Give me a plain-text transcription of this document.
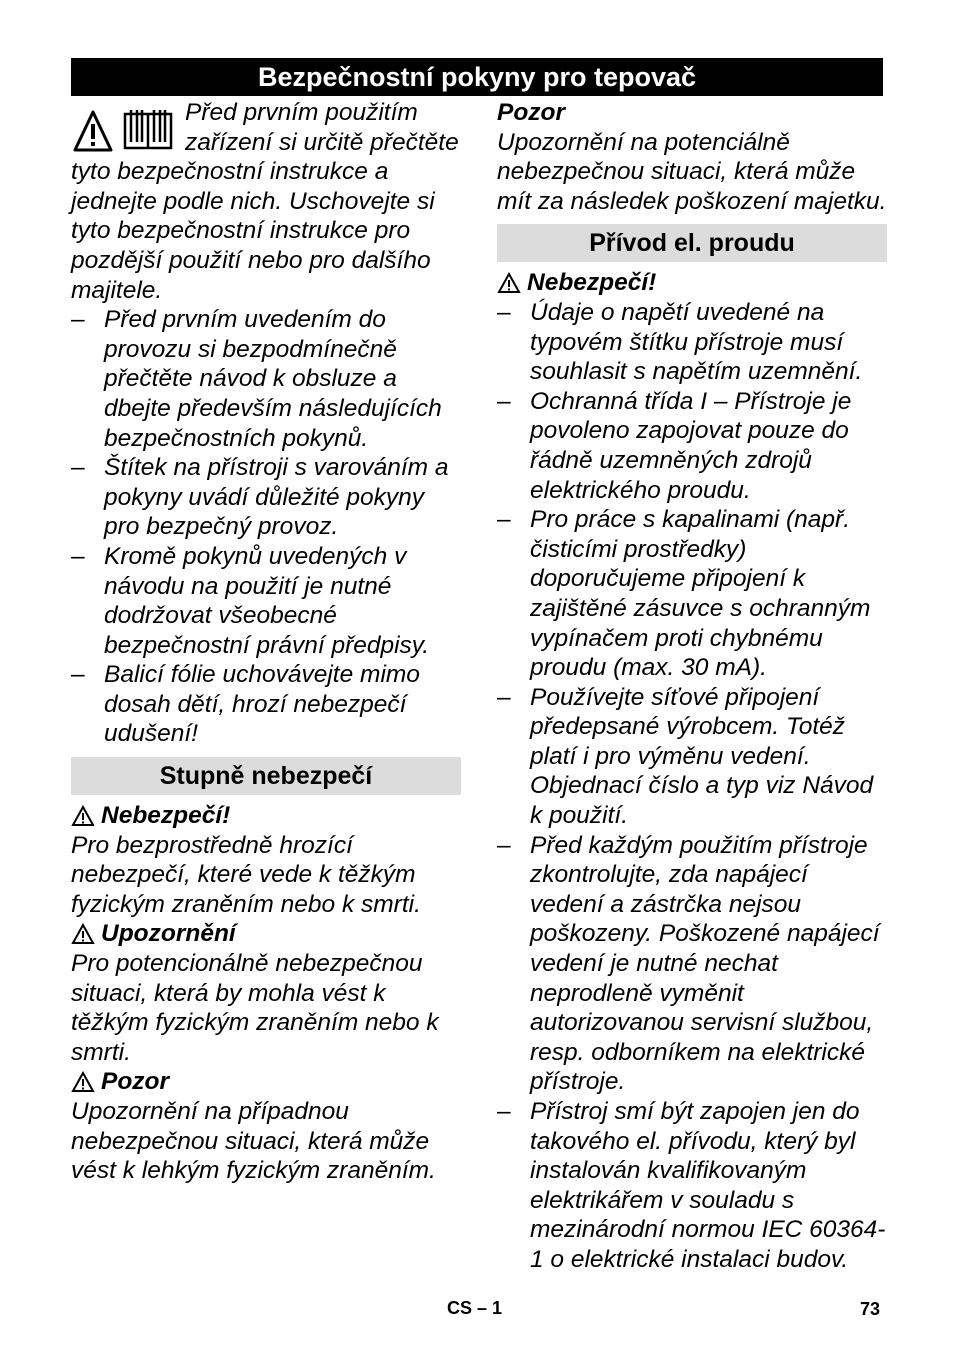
Bezpečnostní pokyny pro tepovač

Před prvním použitím zařízení si určitě přečtěte tyto bezpečnostní instrukce a jednejte podle nich. Uschovejte si tyto bezpečnostní instrukce pro pozdější použití nebo pro dalšího majitele.

– Před prvním uvedením do provozu si bezpodmínečně přečtěte návod k obsluze a dbejte především následujících bezpečnostních pokynů.

– Štítek na přístroji s varováním a pokyny uvádí důležité pokyny pro bezpečný provoz.

– Kromě pokynů uvedených v návodu na použití je nutné dodržovat všeobecné bezpečnostní právní předpisy.

– Balicí fólie uchovávejte mimo dosah dětí, hrozí nebezpečí udušení!

Stupně nebezpečí

Nebezpečí!

Pro bezprostředně hrozící nebezpečí, které vede k těžkým fyzickým zraněním nebo k smrti.

Upozornění

Pro potencionálně nebezpečnou situaci, která by mohla vést k těžkým fyzickým zraněním nebo k smrti.

Pozor

Upozornění na případnou nebezpečnou situaci, která může vést k lehkým fyzickým zraněním.

Pozor

Upozornění na potenciálně nebezpečnou situaci, která může mít za následek poškození majetku.

Přívod el. proudu

Nebezpečí!

– Údaje o napětí uvedené na typovém štítku přístroje musí souhlasit s napětím uzemnění.

– Ochranná třída I – Přístroje je povoleno zapojovat pouze do řádně uzemněných zdrojů elektrického proudu.

– Pro práce s kapalinami (např. čisticími prostředky) doporučujeme připojení k zajištěné zásuvce s ochranným vypínačem proti chybnému proudu (max. 30 mA).

– Používejte síťové připojení předepsané výrobcem. Totéž platí i pro výměnu vedení. Objednací číslo a typ viz Návod k použití.

– Před každým použitím přístroje zkontrolujte, zda napájecí vedení a zástrčka nejsou poškozeny. Poškozené napájecí vedení je nutné nechat neprodleně vyměnit autorizovanou servisní službou, resp. odborníkem na elektrické přístroje.

– Přístroj smí být zapojen jen do takového el. přívodu, který byl instalován kvalifikovaným elektrikářem v souladu s mezinárodní normou IEC 60364-1 o elektrické instalaci budov.

CS – 1	73
